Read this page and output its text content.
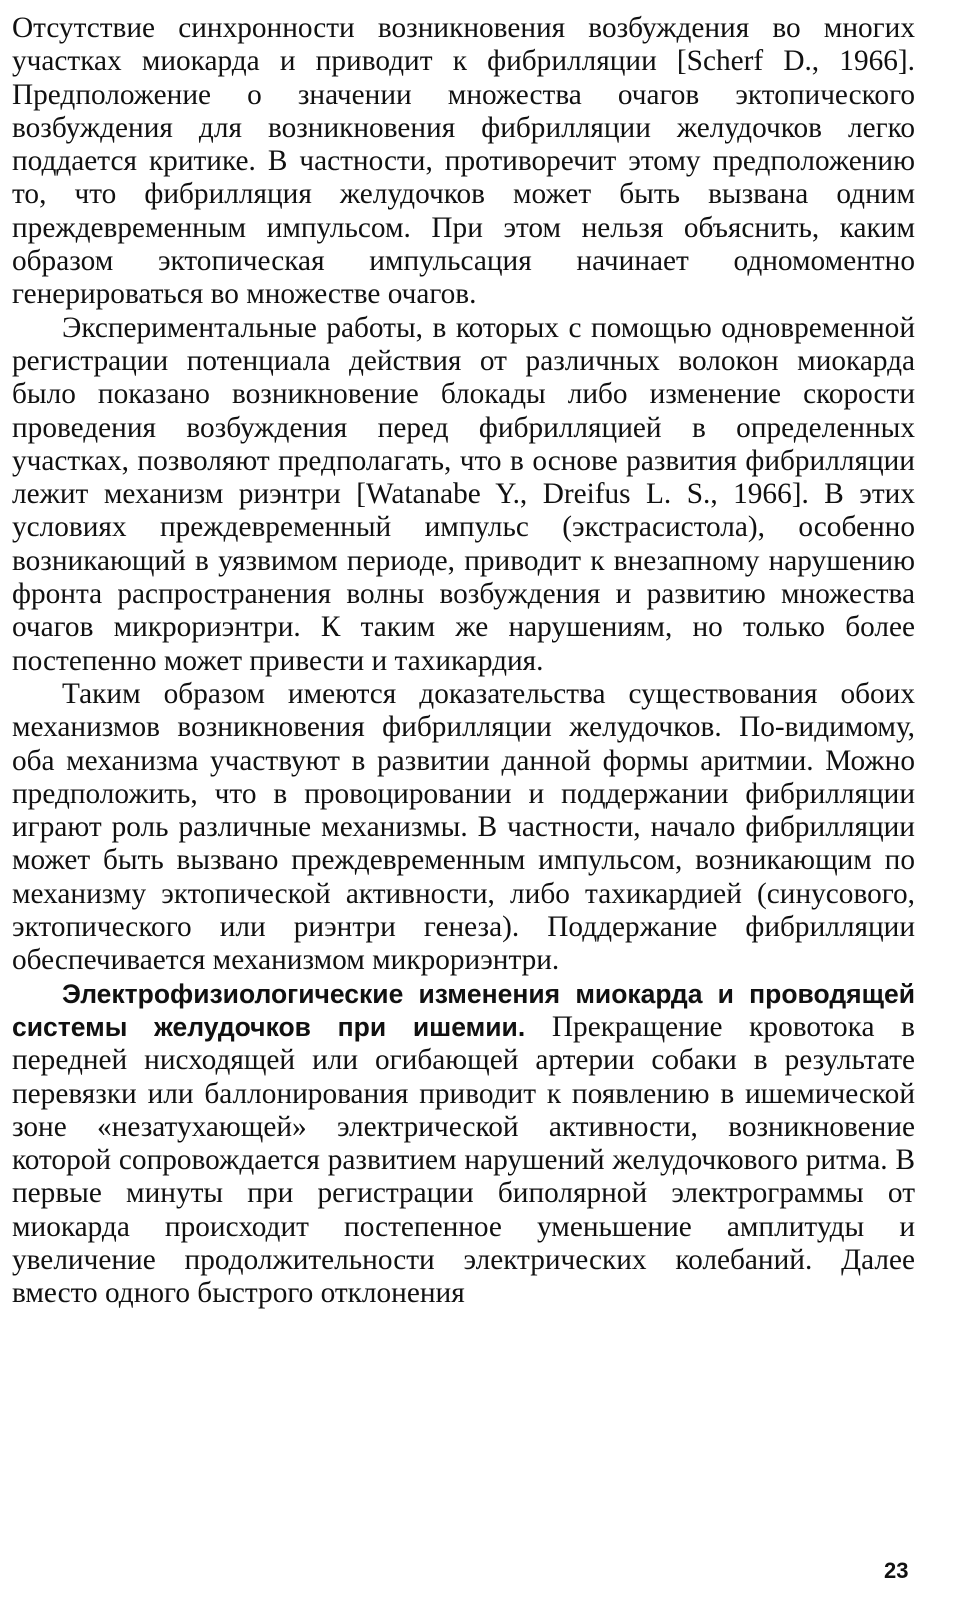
Отсутствие синхронности возникновения возбуждения во многих участках миокарда и приводит к фибрилляции [Scherf D., 1966]. Предположение о значении множества очагов эктопического возбуждения для возникновения фибрилляции желудочков легко поддается критике. В частности, противоречит этому предположению то, что фибрилляция желудочков может быть вызвана одним преждевременным импульсом. При этом нельзя объяснить, каким образом эктопическая импульсация начинает одномоментно генерироваться во множестве очагов.

Экспериментальные работы, в которых с помощью одновременной регистрации потенциала действия от различных волокон миокарда было показано возникновение блокады либо изменение скорости проведения возбуждения перед фибрилляцией в определенных участках, позволяют предполагать, что в основе развития фибрилляции лежит механизм риэнтри [Watanabe Y., Dreifus L. S., 1966]. В этих условиях преждевременный импульс (экстрасистола), особенно возникающий в уязвимом периоде, приводит к внезапному нарушению фронта распространения волны возбуждения и развитию множества очагов микрориэнтри. К таким же нарушениям, но только более постепенно может привести и тахикардия.

Таким образом имеются доказательства существования обоих механизмов возникновения фибрилляции желудочков. По-видимому, оба механизма участвуют в развитии данной формы аритмии. Можно предположить, что в провоцировании и поддержании фибрилляции играют роль различные механизмы. В частности, начало фибрилляции может быть вызвано преждевременным импульсом, возникающим по механизму эктопической активности, либо тахикардией (синусового, эктопического или риэнтри генеза). Поддержание фибрилляции обеспечивается механизмом микрориэнтри.

Электрофизиологические изменения миокарда и проводящей системы желудочков при ишемии. Прекращение кровотока в передней нисходящей или огибающей артерии собаки в результате перевязки или баллонирования приводит к появлению в ишемической зоне «незатухающей» электрической активности, возникновение которой сопровождается развитием нарушений желудочкового ритма. В первые минуты при регистрации биполярной электрограммы от миокарда происходит постепенное уменьшение амплитуды и увеличение продолжительности электрических колебаний. Далее вместо одного быстрого отклонения

23
